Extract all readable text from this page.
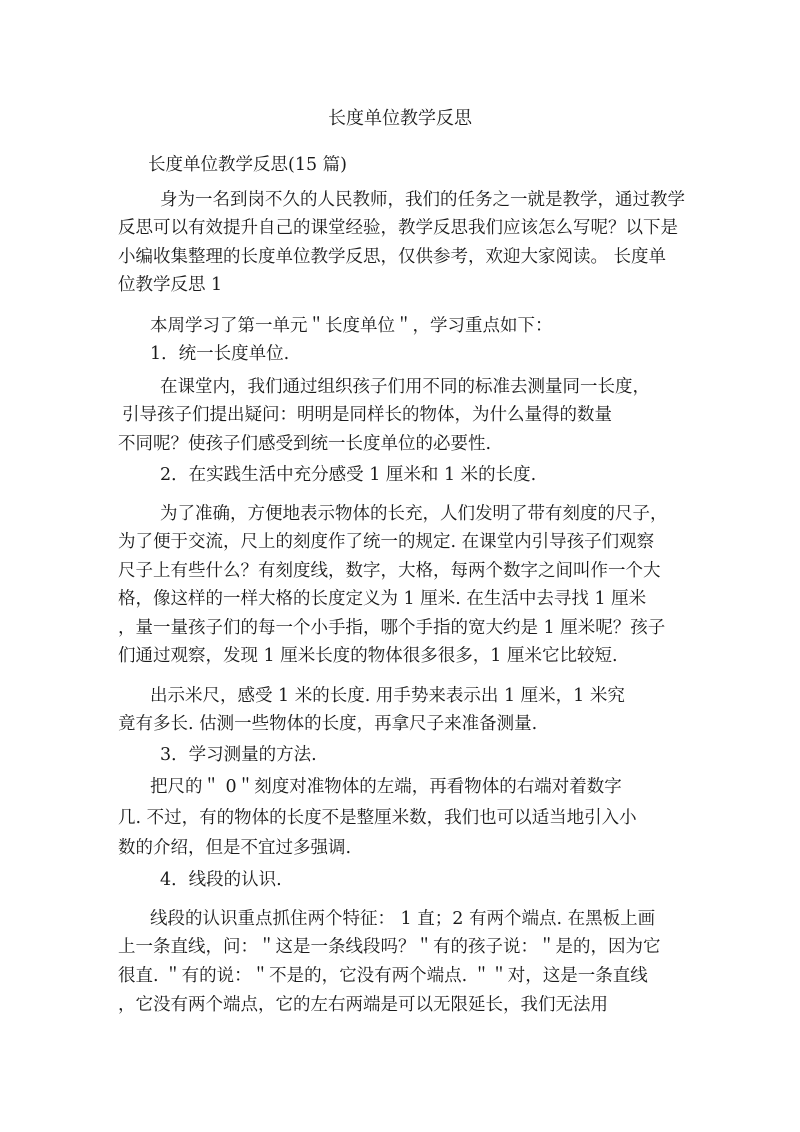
长度单位教学反思

长度单位教学反思(15 篇)

身为一名到岗不久的人民教师，我们的任务之一就是教学，通过教学

反思可以有效提升自己的课堂经验，教学反思我们应该怎么写呢？以下是

小编收集整理的长度单位教学反思，仅供参考，欢迎大家阅读。 长度单

位教学反思 1

本周学习了第一单元＂长度单位＂，学习重点如下：

1．统一长度单位.

在课堂内，我们通过组织孩子们用不同的标准去测量同一长度，

引导孩子们提出疑问：明明是同样长的物体，为什么量得的数量

不同呢？使孩子们感受到统一长度单位的必要性.

2．在实践生活中充分感受 1 厘米和 1 米的长度.

为了准确，方便地表示物体的长充，人们发明了带有刻度的尺子，

为了便于交流，尺上的刻度作了统一的规定. 在课堂内引导孩子们观察

尺子上有些什么？有刻度线，数字，大格，每两个数字之间叫作一个大

格，像这样的一样大格的长度定义为 1 厘米. 在生活中去寻找 1 厘米

，量一量孩子们的每一个小手指，哪个手指的宽大约是 1 厘米呢？孩子

们通过观察，发现 1 厘米长度的物体很多很多，1 厘米它比较短.

出示米尺，感受 1 米的长度. 用手势来表示出 1 厘米，1 米究

竟有多长. 估测一些物体的长度，再拿尺子来准备测量.

3．学习测量的方法.

把尺的＂ 0＂刻度对准物体的左端，再看物体的右端对着数字

几. 不过，有的物体的长度不是整厘米数，我们也可以适当地引入小

数的介绍，但是不宜过多强调.

4．线段的认识.

线段的认识重点抓住两个特征： 1 直；2 有两个端点. 在黑板上画

上一条直线，问：＂这是一条线段吗？＂有的孩子说：＂是的，因为它

很直. ＂有的说：＂不是的，它没有两个端点. ＂＂对，这是一条直线

，它没有两个端点，它的左右两端是可以无限延长，我们无法用
